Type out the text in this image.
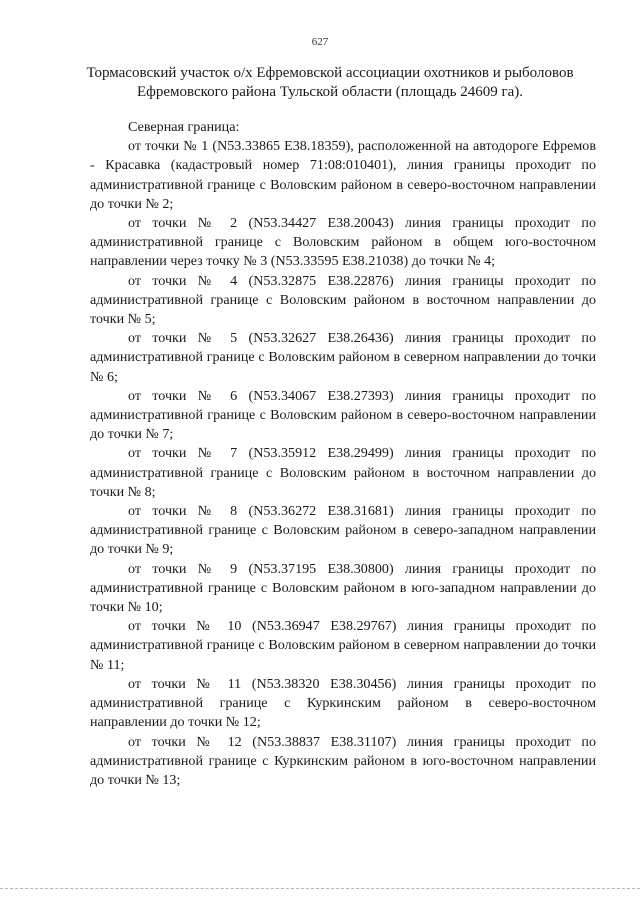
627
Тормасовский участок о/х Ефремовской ассоциации охотников и рыболовов Ефремовского района Тульской области (площадь 24609 га).

Северная граница:

от точки № 1 (N53.33865 E38.18359), расположенной на автодороге Ефремов - Красавка (кадастровый номер 71:08:010401), линия границы проходит по административной границе с Воловским районом в северо-восточном направлении до точки № 2;

от точки № 2 (N53.34427 E38.20043) линия границы проходит по административной границе с Воловским районом в общем юго-восточном направлении через точку № 3 (N53.33595 E38.21038) до точки № 4;

от точки № 4 (N53.32875 E38.22876) линия границы проходит по административной границе с Воловским районом в восточном направлении до точки № 5;

от точки № 5 (N53.32627 E38.26436) линия границы проходит по административной границе с Воловским районом в северном направлении до точки № 6;

от точки № 6 (N53.34067 E38.27393) линия границы проходит по административной границе с Воловским районом в северо-восточном направлении до точки № 7;

от точки № 7 (N53.35912 E38.29499) линия границы проходит по административной границе с Воловским районом в восточном направлении до точки № 8;

от точки № 8 (N53.36272 E38.31681) линия границы проходит по административной границе с Воловским районом в северо-западном направлении до точки № 9;

от точки № 9 (N53.37195 E38.30800) линия границы проходит по административной границе с Воловским районом в юго-западном направлении до точки № 10;

от точки № 10 (N53.36947 E38.29767) линия границы проходит по административной границе с Воловским районом в северном направлении до точки № 11;

от точки № 11 (N53.38320 E38.30456) линия границы проходит по административной границе с Куркинским районом в северо-восточном направлении до точки № 12;

от точки № 12 (N53.38837 E38.31107) линия границы проходит по административной границе с Куркинским районом в юго-восточном направлении до точки № 13;
